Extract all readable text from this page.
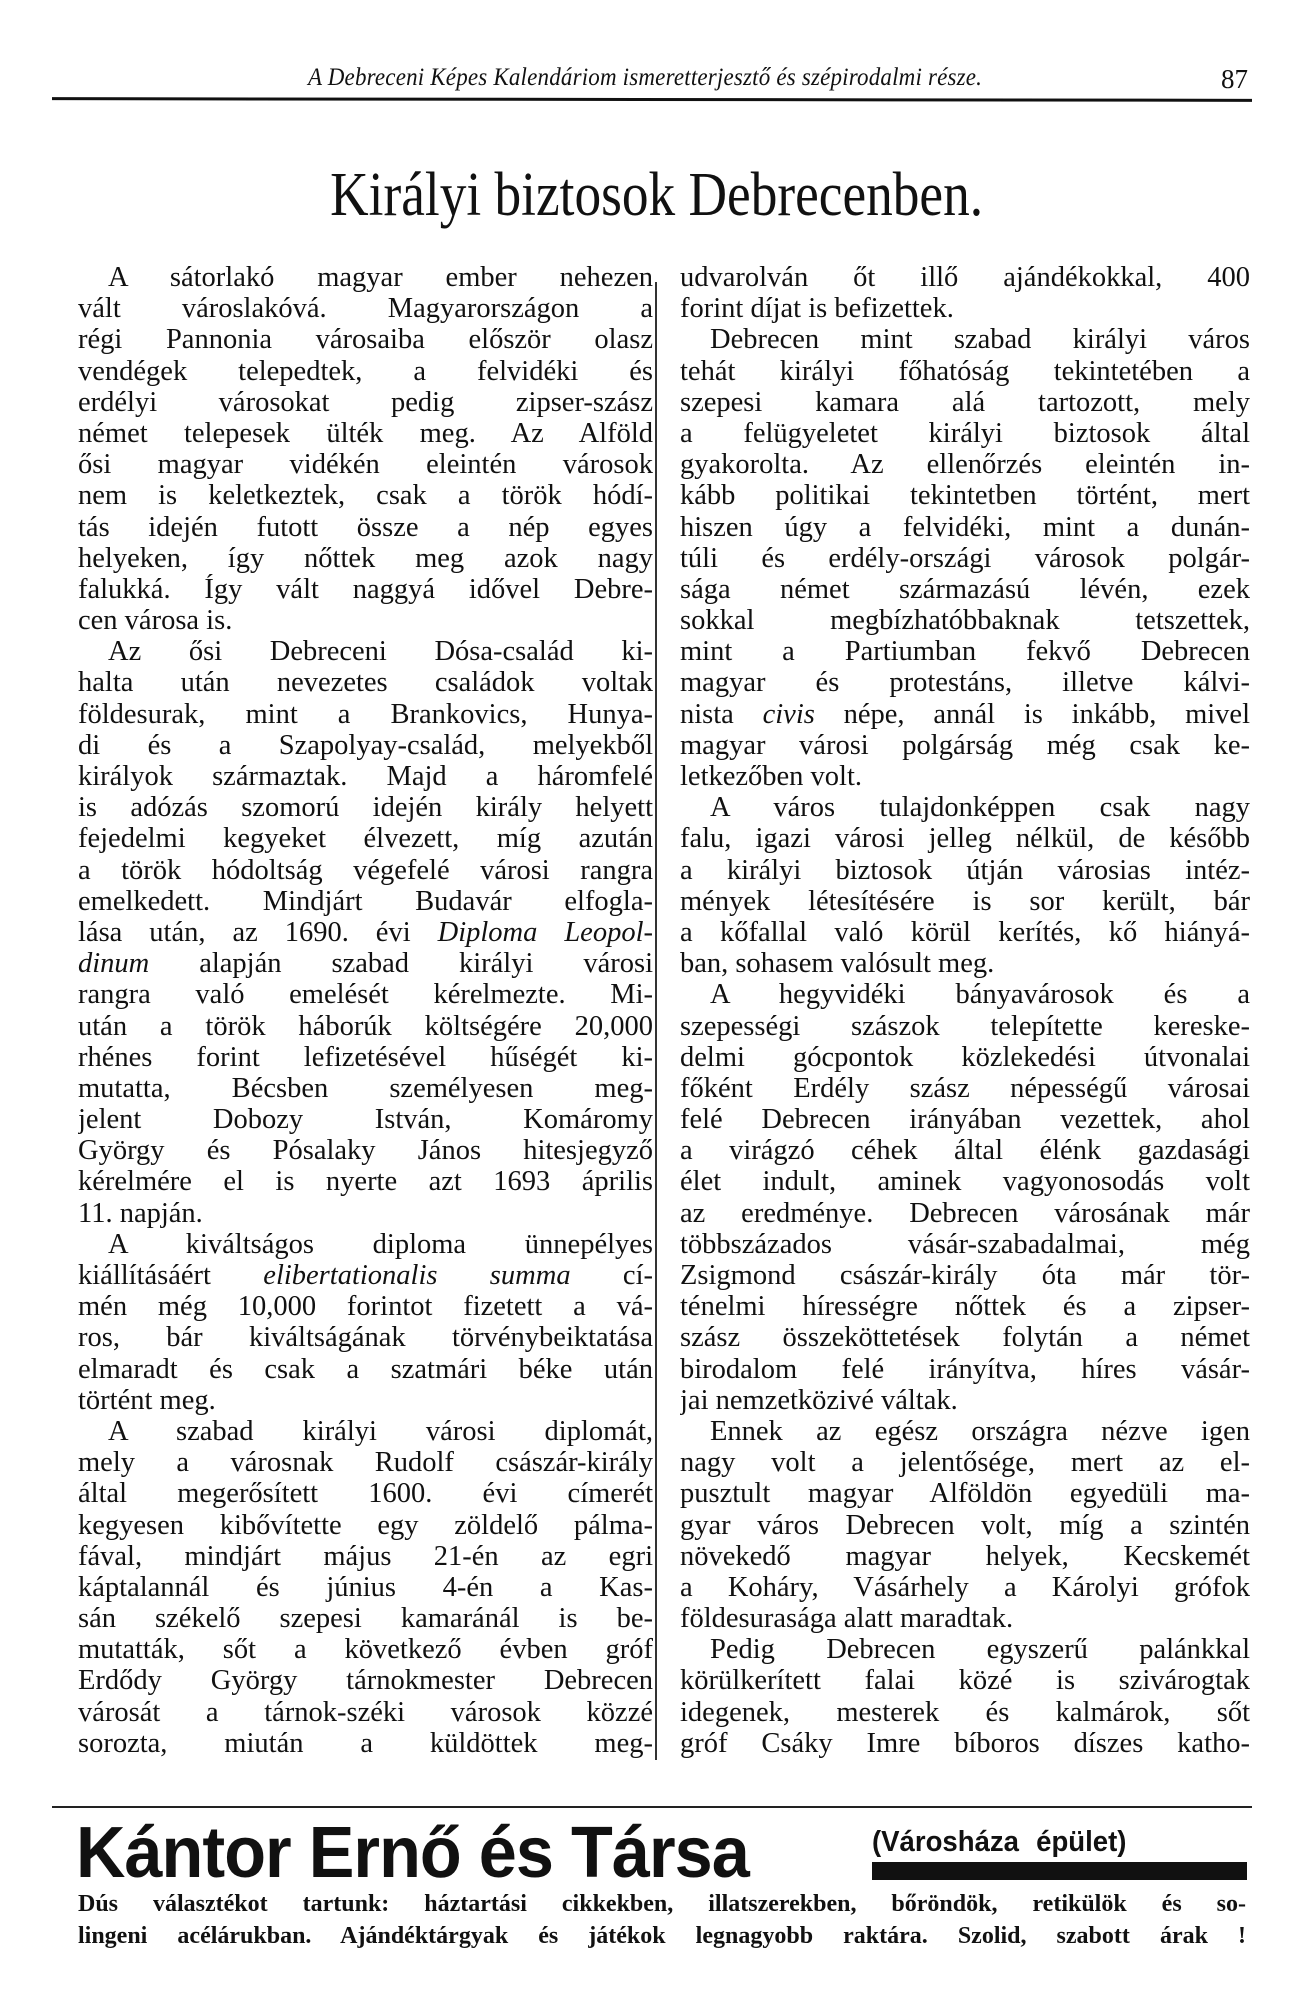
A Debreceni Képes Kalendáriom ismeretterjesztő és szépirodalmi része.	87
Királyi biztosok Debrecenben.
A sátorlakó magyar ember nehezen
vált városlakóvá. Magyarországon a
régi Pannonia városaiba először olasz
vendégek telepedtek, a felvidéki és
erdélyi városokat pedig zipser-szász
német telepesek ülték meg. Az Alföld
ősi magyar vidékén eleintén városok
nem is keletkeztek, csak a török hódí-
tás idején futott össze a nép egyes
helyeken, így nőttek meg azok nagy
falukká. Így vált naggyá idővel Debre-
cen városa is.
Az ősi Debreceni Dósa-család ki-
halta után nevezetes családok voltak
földesurak, mint a Brankovics, Hunya-
di és a Szapolyay-család, melyekből
királyok származtak. Majd a háromfelé
is adózás szomorú idején király helyett
fejedelmi kegyeket élvezett, míg azután
a török hódoltság végefelé városi rangra
emelkedett. Mindjárt Budavár elfogla-
lása után, az 1690. évi Diploma Leopol-
dinum alapján szabad királyi városi
rangra való emelését kérelmezte. Mi-
után a török háborúk költségére 20,000
rhénes forint lefizetésével hűségét ki-
mutatta, Bécsben személyesen meg-
jelent Dobozy István, Komáromy
György és Pósalaky János hitesjegyző
kérelmére el is nyerte azt 1693 április
11. napján.
A kiváltságos diploma ünnepélyes
kiállításáért elibertationalis summa cí-
mén még 10,000 forintot fizetett a vá-
ros, bár kiváltságának törvénybeiktatása
elmaradt és csak a szatmári béke után
történt meg.
A szabad királyi városi diplomát,
mely a városnak Rudolf császár-király
által megerősített 1600. évi címerét
kegyesen kibővítette egy zöldelő pálma-
fával, mindjárt május 21-én az egri
káptalannál és június 4-én a Kas-
sán székelő szepesi kamaránál is be-
mutatták, sőt a következő évben gróf
Erdődy György tárnokmester Debrecen
városát a tárnok-széki városok közzé
sorozta, miután a küldöttek meg-
udvarolván őt illő ajándékokkal, 400
forint díjat is befizettek.
Debrecen mint szabad királyi város
tehát királyi főhatóság tekintetében a
szepesi kamara alá tartozott, mely
a felügyeletet királyi biztosok által
gyakorolta. Az ellenőrzés eleintén in-
kább politikai tekintetben történt, mert
hiszen úgy a felvidéki, mint a dunán-
túli és erdély-országi városok polgár-
sága német származású lévén, ezek
sokkal megbízhatóbbaknak tetszettek,
mint a Partiumban fekvő Debrecen
magyar és protestáns, illetve kálvi-
nista civis népe, annál is inkább, mivel
magyar városi polgárság még csak ke-
letkezőben volt.
A város tulajdonképpen csak nagy
falu, igazi városi jelleg nélkül, de később
a királyi biztosok útján városias intéz-
mények létesítésére is sor került, bár
a kőfallal való körül kerítés, kő hiányá-
ban, sohasem valósult meg.
A hegyvidéki bányavárosok és a
szepességi szászok telepítette kereske-
delmi gócpontok közlekedési útvonalai
főként Erdély szász népességű városai
felé Debrecen irányában vezettek, ahol
a virágzó céhek által élénk gazdasági
élet indult, aminek vagyonosodás volt
az eredménye. Debrecen városának már
többszázados vásár-szabadalmai, még
Zsigmond császár-király óta már tör-
ténelmi hírességre nőttek és a zipser-
szász összeköttetések folytán a német
birodalom felé irányítva, híres vásár-
jai nemzetközivé váltak.
Ennek az egész országra nézve igen
nagy volt a jelentősége, mert az el-
pusztult magyar Alföldön egyedüli ma-
gyar város Debrecen volt, míg a szintén
növekedő magyar helyek, Kecskemét
a Koháry, Vásárhely a Károlyi grófok
földesurasága alatt maradtak.
Pedig Debrecen egyszerű palánkkal
körülkerített falai közé is szivárogtak
idegenek, mesterek és kalmárok, sőt
gróf Csáky Imre bíboros díszes katho-
Kántor Ernő és Társa	(Városháza épület)
Dús választékot tartunk: háztartási cikkekben, illatszerekben, bőröndök, retikülök és so-
lingeni acélárukban. Ajándéktárgyak és játékok legnagyobb raktára. Szolid, szabott árak !
